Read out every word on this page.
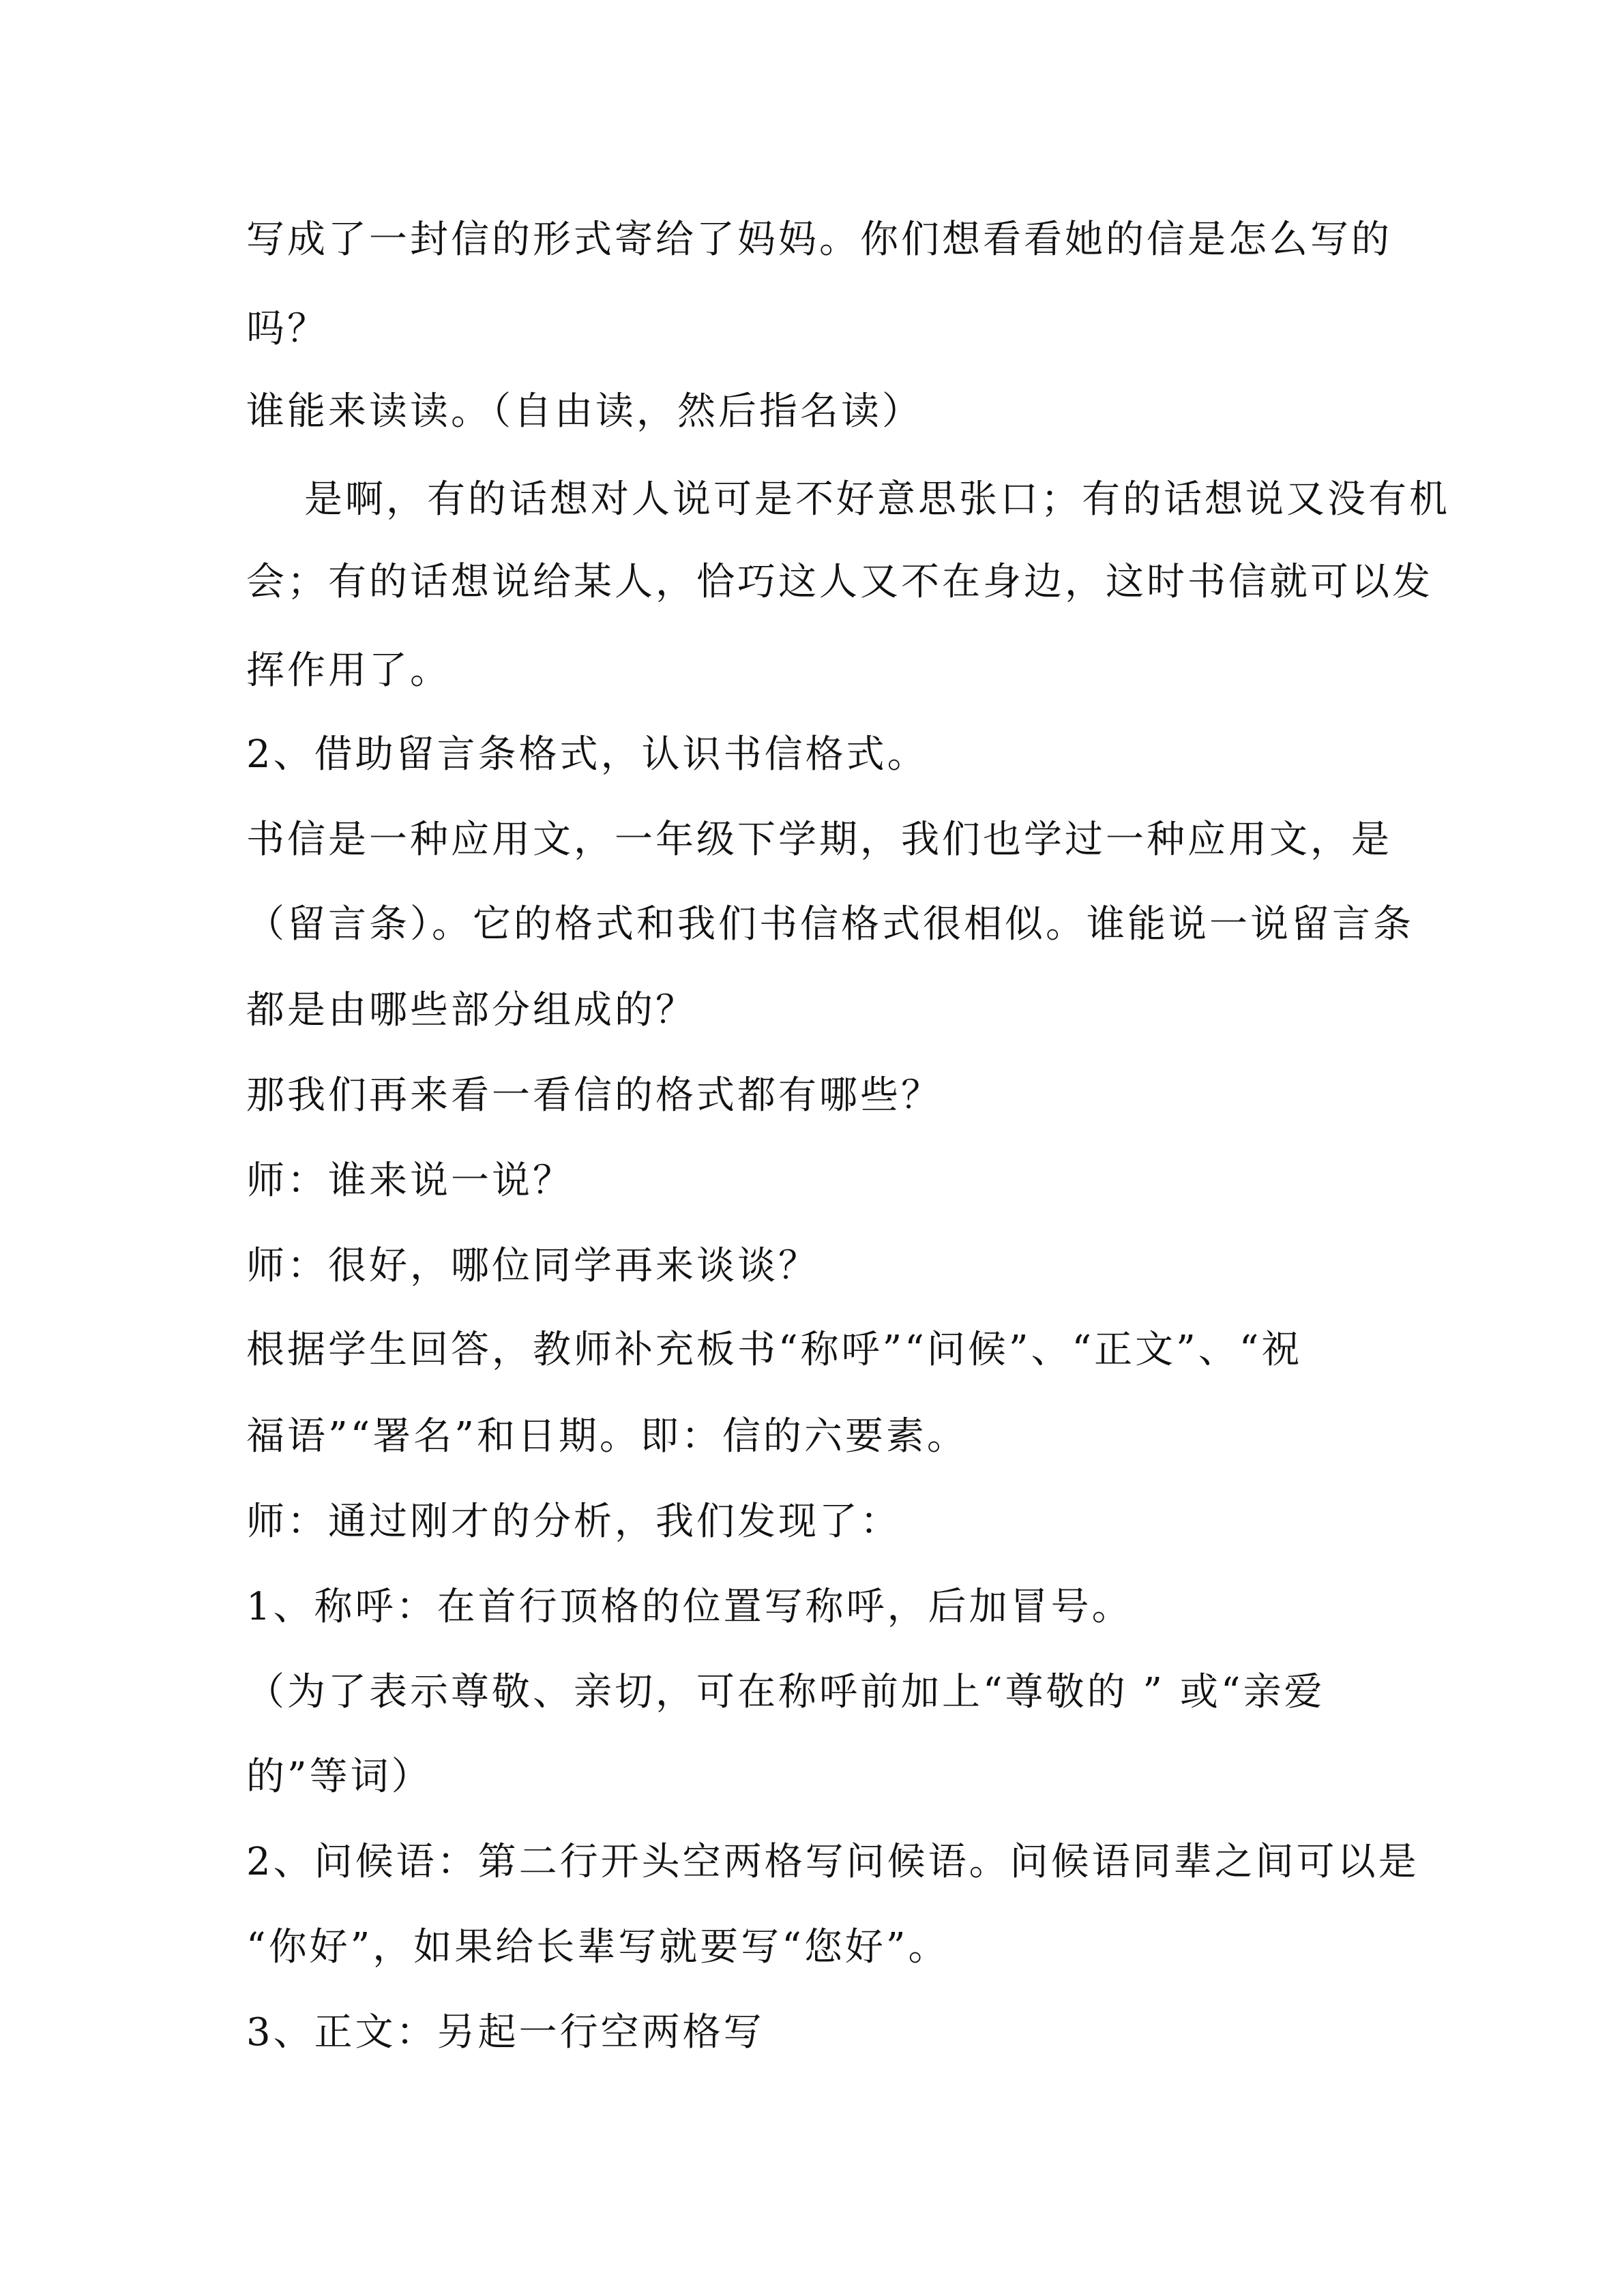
写成了一封信的形式寄给了妈妈。你们想看看她的信是怎么写的
吗？
谁能来读读。（自由读，然后指名读）
是啊，有的话想对人说可是不好意思张口；有的话想说又没有机
会；有的话想说给某人，恰巧这人又不在身边，这时书信就可以发
挥作用了。
2、借助留言条格式，认识书信格式。
书信是一种应用文，一年级下学期，我们也学过一种应用文，是
（留言条）。它的格式和我们书信格式很相似。谁能说一说留言条
都是由哪些部分组成的？
那我们再来看一看信的格式都有哪些？
师：谁来说一说？
师：很好，哪位同学再来谈谈？
根据学生回答，教师补充板书“称呼”“问候”、“正文”、“祝
福语”“署名”和日期。即：信的六要素。
师：通过刚才的分析，我们发现了：
1、称呼：在首行顶格的位置写称呼，后加冒号。
（为了表示尊敬、亲切，可在称呼前加上“尊敬的 ” 或“亲爱
的”等词）
2、问候语：第二行开头空两格写问候语。问候语同辈之间可以是
“你好”，如果给长辈写就要写“您好”。
3、正文：另起一行空两格写
